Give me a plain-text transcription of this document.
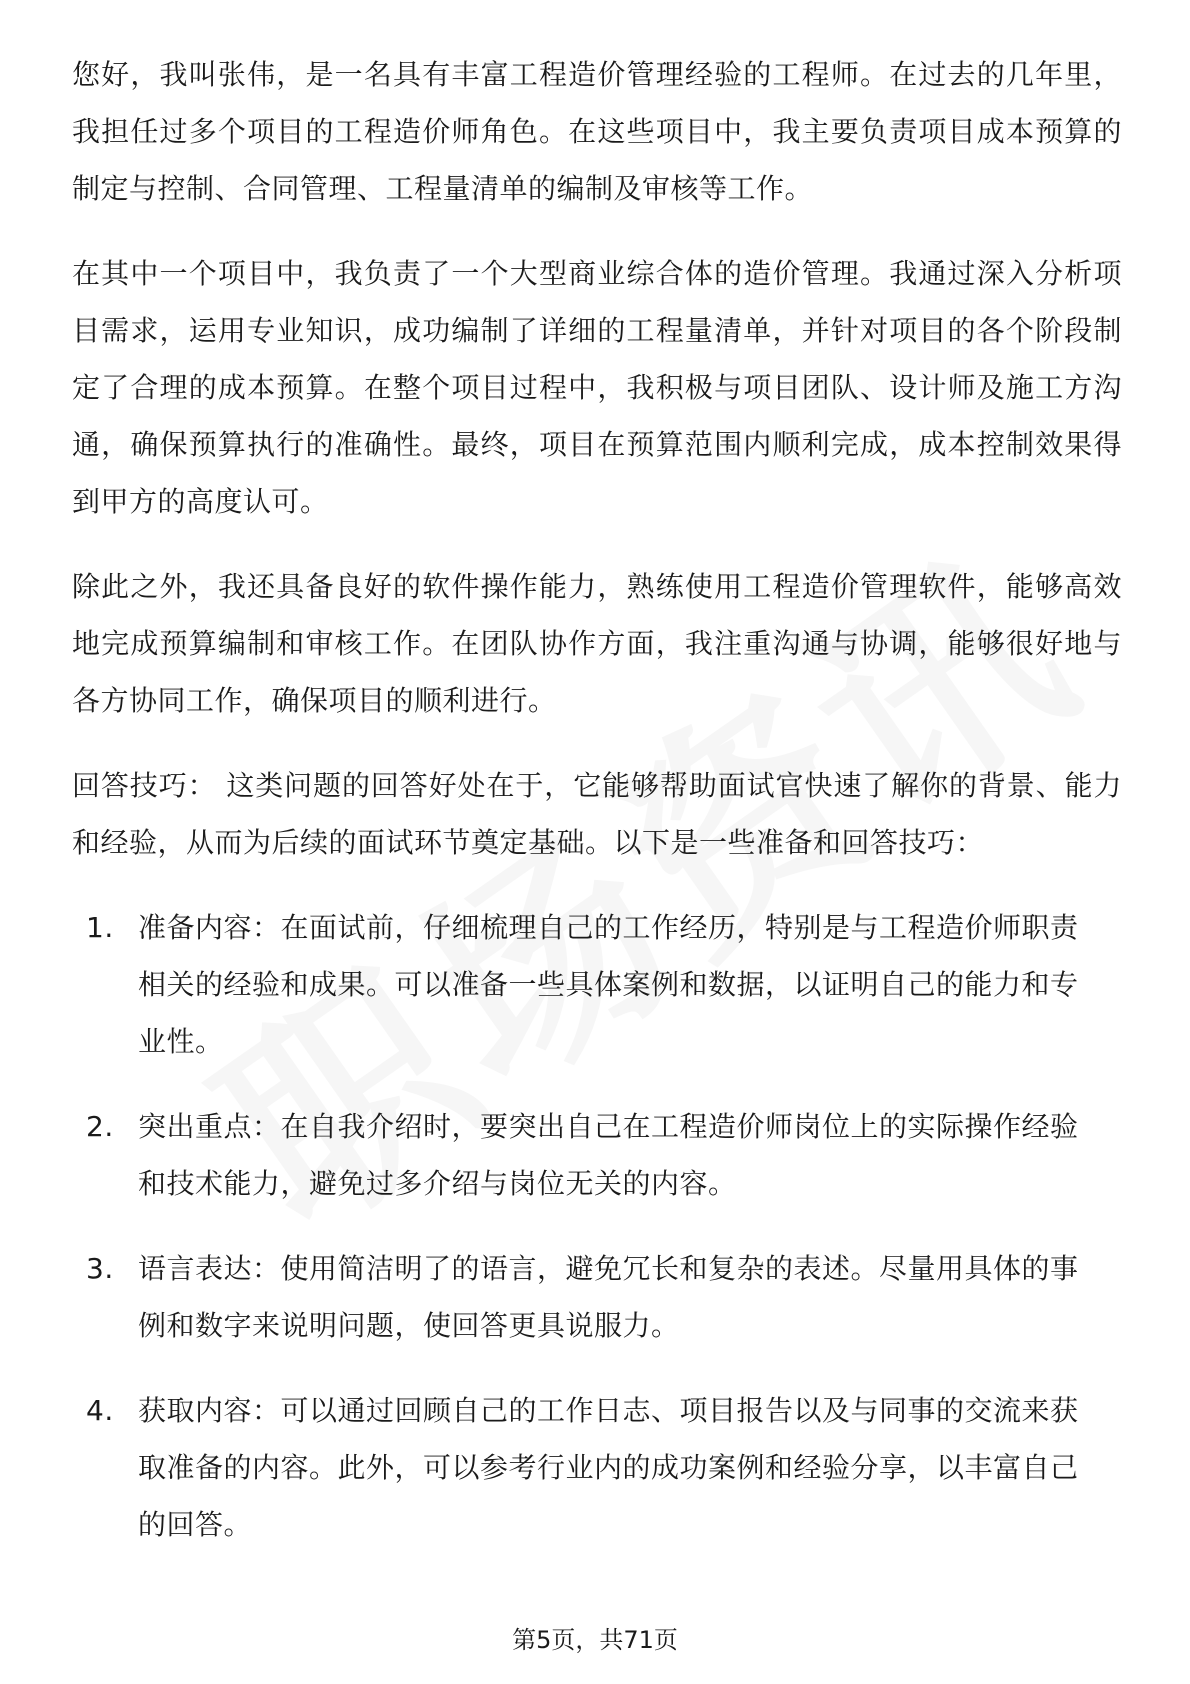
您好，我叫张伟，是一名具有丰富工程造价管理经验的工程师。在过去的几年里，我担任过多个项目的工程造价师角色。在这些项目中，我主要负责项目成本预算的制定与控制、合同管理、工程量清单的编制及审核等工作。

在其中一个项目中，我负责了一个大型商业综合体的造价管理。我通过深入分析项目需求，运用专业知识，成功编制了详细的工程量清单，并针对项目的各个阶段制定了合理的成本预算。在整个项目过程中，我积极与项目团队、设计师及施工方沟通，确保预算执行的准确性。最终，项目在预算范围内顺利完成，成本控制效果得到甲方的高度认可。

除此之外，我还具备良好的软件操作能力，熟练使用工程造价管理软件，能够高效地完成预算编制和审核工作。在团队协作方面，我注重沟通与协调，能够很好地与各方协同工作，确保项目的顺利进行。

回答技巧： 这类问题的回答好处在于，它能够帮助面试官快速了解你的背景、能力和经验，从而为后续的面试环节奠定基础。以下是一些准备和回答技巧：

1. 准备内容：在面试前，仔细梳理自己的工作经历，特别是与工程造价师职责相关的经验和成果。可以准备一些具体案例和数据，以证明自己的能力和专业性。
2. 突出重点：在自我介绍时，要突出自己在工程造价师岗位上的实际操作经验和技术能力，避免过多介绍与岗位无关的内容。
3. 语言表达：使用简洁明了的语言，避免冗长和复杂的表述。尽量用具体的事例和数字来说明问题，使回答更具说服力。
4. 获取内容：可以通过回顾自己的工作日志、项目报告以及与同事的交流来获取准备的内容。此外，可以参考行业内的成功案例和经验分享，以丰富自己的回答。
第5页，共71页
